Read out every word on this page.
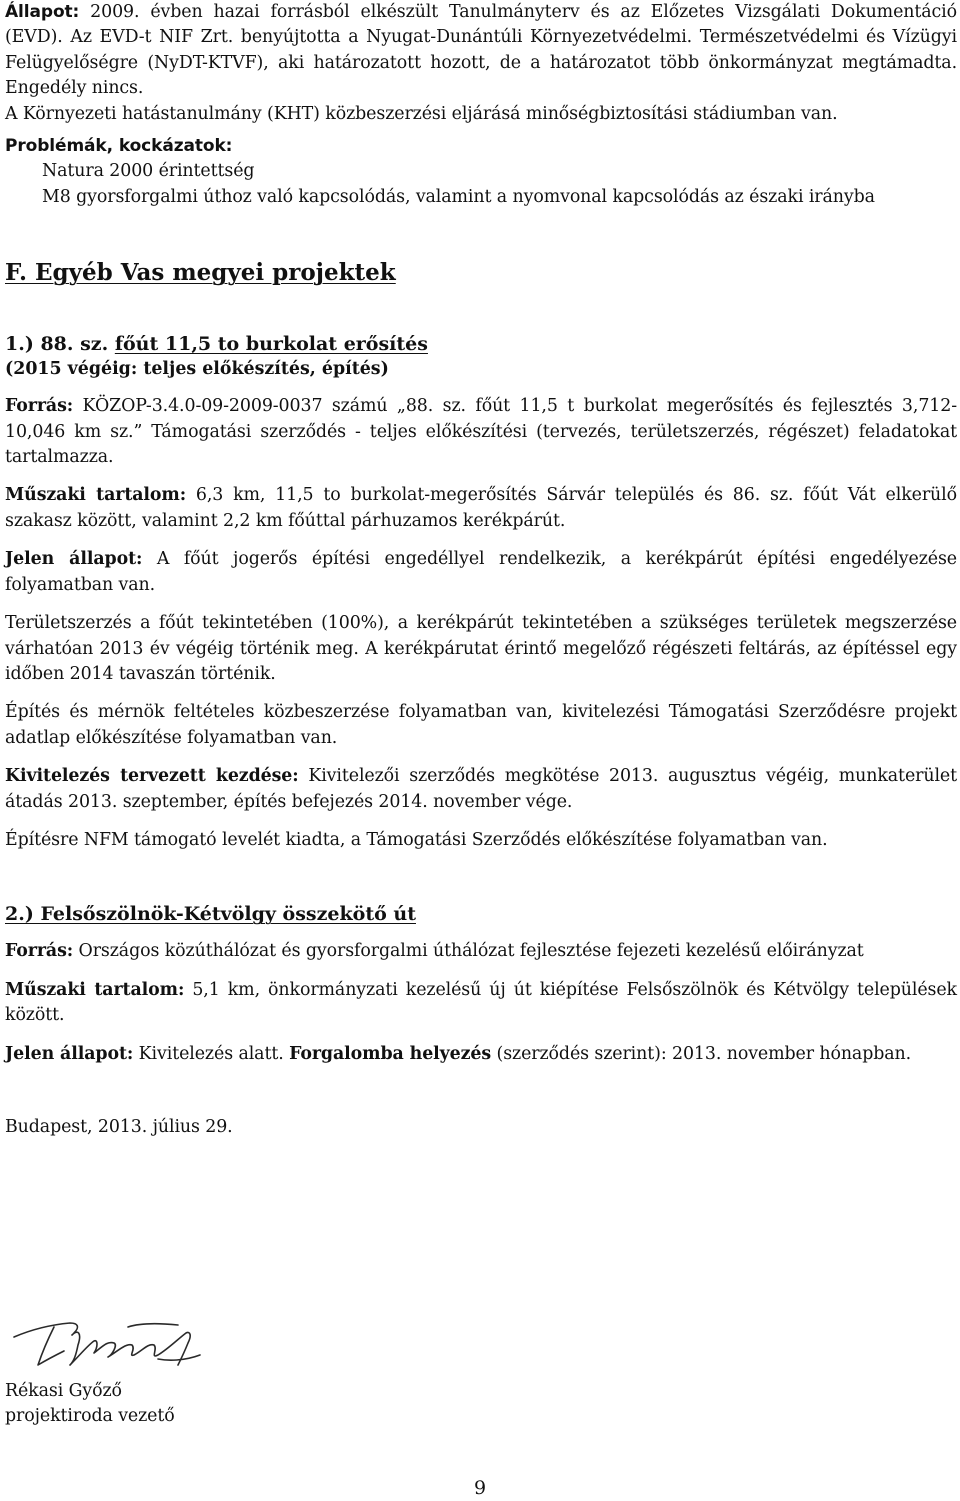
Állapot: 2009. évben hazai forrásból elkészült Tanulmányterv és az Előzetes Vizsgálati Dokumentáció (EVD). Az EVD-t NIF Zrt. benyújtotta a Nyugat-Dunántúli Környezetvédelmi. Természetvédelmi és Vízügyi Felügyelőségre (NyDT-KTVF), aki határozatott hozott, de a határozatot több önkormányzat megtámadta. Engedély nincs.

A Környezeti hatástanulmány (KHT) közbeszerzési eljárásá minőségbiztosítási stádiumban van.

Problémák, kockázatok:

Natura 2000 érintettség

M8 gyorsforgalmi úthoz való kapcsolódás, valamint a nyomvonal kapcsolódás az északi irányba

F. Egyéb Vas megyei projektek
1.) 88. sz. főút 11,5 to burkolat erősítés

(2015 végéig: teljes előkészítés, építés)

Forrás: KÖZOP-3.4.0-09-2009-0037 számú „88. sz. főút 11,5 t burkolat megerősítés és fejlesztés 3,712-10,046 km sz.” Támogatási szerződés - teljes előkészítési (tervezés, területszerzés, régészet) feladatokat tartalmazza.

Műszaki tartalom: 6,3 km, 11,5 to burkolat-megerősítés Sárvár település és 86. sz. főút Vát elkerülő szakasz között, valamint 2,2 km főúttal párhuzamos kerékpárút.

Jelen állapot: A főút jogerős építési engedéllyel rendelkezik, a kerékpárút építési engedélyezése folyamatban van.

Területszerzés a főút tekintetében (100%), a kerékpárút tekintetében a szükséges területek megszerzése várhatóan 2013 év végéig történik meg. A kerékpárutat érintő megelőző régészeti feltárás, az építéssel egy időben 2014 tavaszán történik.

Építés és mérnök feltételes közbeszerzése folyamatban van, kivitelezési Támogatási Szerződésre projekt adatlap előkészítése folyamatban van.

Kivitelezés tervezett kezdése: Kivitelezői szerződés megkötése 2013. augusztus végéig, munkaterület átadás 2013. szeptember, építés befejezés 2014. november vége.

Építésre NFM támogató levelét kiadta, a Támogatási Szerződés előkészítése folyamatban van.

2.) Felsőszölnök-Kétvölgy összekötő út

Forrás: Országos közúthálózat és gyorsforgalmi úthálózat fejlesztése fejezeti kezelésű előirányzat

Műszaki tartalom: 5,1 km, önkormányzati kezelésű új út kiépítése Felsőszölnök és Kétvölgy települések között.

Jelen állapot: Kivitelezés alatt. Forgalomba helyezés (szerződés szerint): 2013. november hónapban.

Budapest, 2013. július 29.

Rékasi Győző

projektiroda vezető

9
